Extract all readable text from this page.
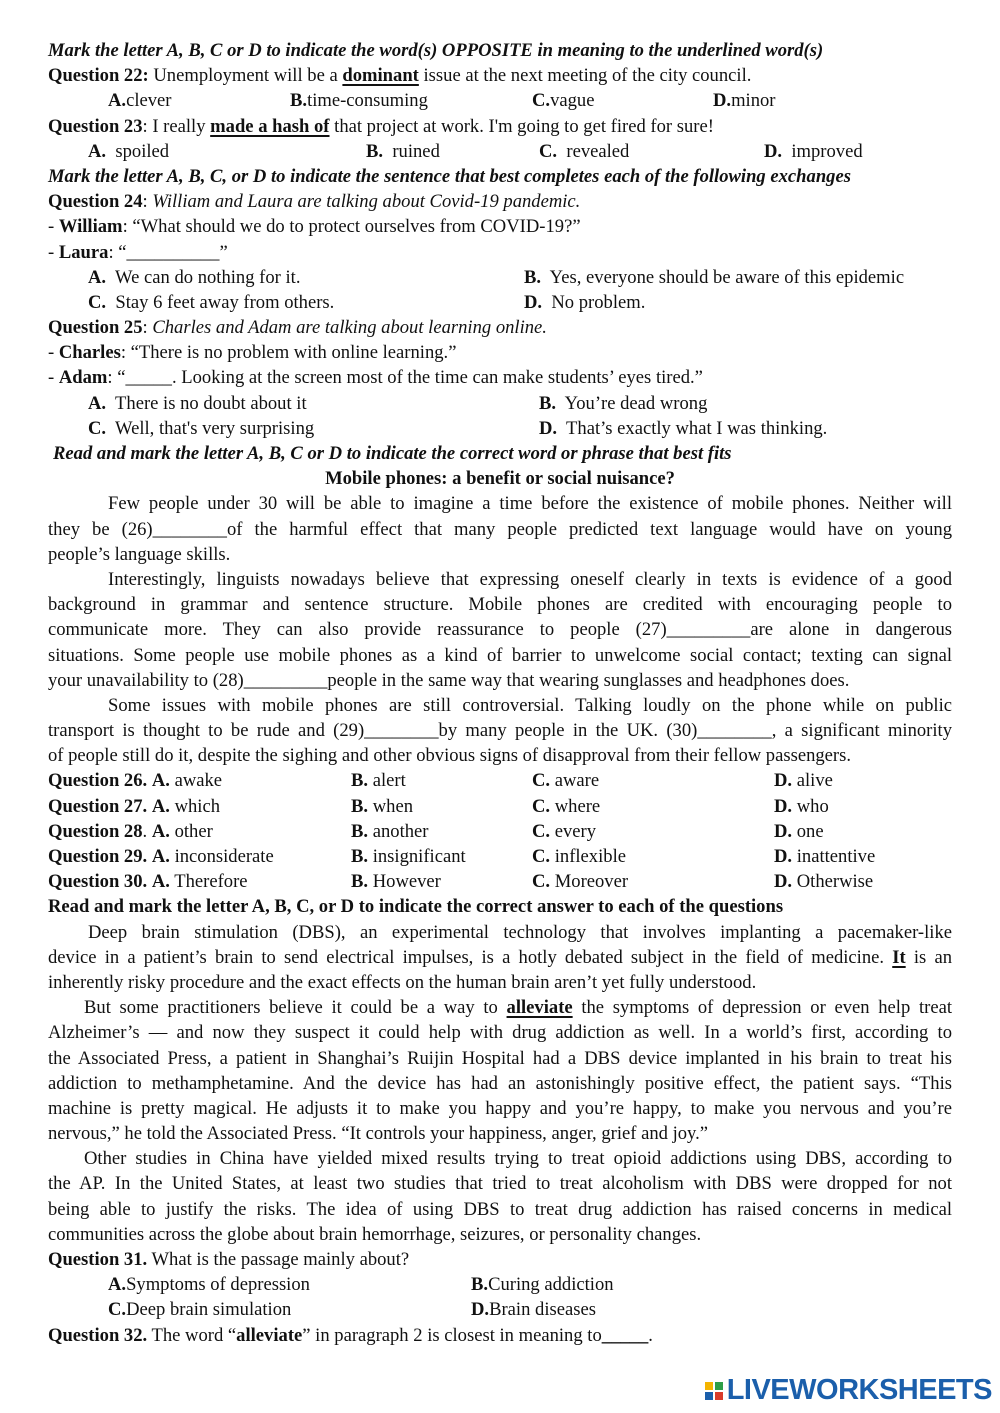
Mark the letter A, B, C or D to indicate the word(s) OPPOSITE in meaning to the underlined word(s)
Question 22: Unemployment will be a dominant issue at the next meeting of the city council.
A.clever	B.time-consuming	C.vague	D.minor
Question 23: I really made a hash of that project at work. I'm going to get fired for sure!
A.  spoiled	B.  ruined	C.  revealed	D.  improved
Mark the letter A, B, C, or D to indicate the sentence that best completes each of the following exchanges
Question 24: William and Laura are talking about Covid-19 pandemic.
- William: “What should we do to protect ourselves from COVID-19?”
- Laura: “__________”
A.  We can do nothing for it.	B.  Yes, everyone should be aware of this epidemic
C.  Stay 6 feet away from others.	D.  No problem.
Question 25: Charles and Adam are talking about learning online.
- Charles: “There is no problem with online learning.”
- Adam: “_____. Looking at the screen most of the time can make students’ eyes tired.”
A.  There is no doubt about it	B.  You’re dead wrong
C.  Well, that's very surprising	D.  That’s exactly what I was thinking.
Read and mark the letter A, B, C or D to indicate the correct word or phrase that best fits
Mobile phones: a benefit or social nuisance?
Few people under 30 will be able to imagine a time before the existence of mobile phones. Neither will
they be (26)________of the harmful effect that many people predicted text language would have on young
people’s language skills.
Interestingly, linguists nowadays believe that expressing oneself clearly in texts is evidence of a good
background in grammar and sentence structure. Mobile phones are credited with encouraging people to
communicate more. They can also provide reassurance to people (27)_________are alone in dangerous
situations. Some people use mobile phones as a kind of barrier to unwelcome social contact; texting can signal
your unavailability to (28)_________people in the same way that wearing sunglasses and headphones does.
Some issues with mobile phones are still controversial. Talking loudly on the phone while on public
transport is thought to be rude and (29)________by many people in the UK. (30)________, a significant minority
of people still do it, despite the sighing and other obvious signs of disapproval from their fellow passengers.
Question 26. A. awake	B. alert	C. aware	D. alive
Question 27. A. which	B. when	C. where	D. who
Question 28. A. other	B. another	C. every	D. one
Question 29. A. inconsiderate	B. insignificant	C. inflexible	D. inattentive
Question 30. A. Therefore	B. However	C. Moreover	D. Otherwise
Read and mark the letter A, B, C, or D to indicate the correct answer to each of the questions
Deep brain stimulation (DBS), an experimental technology that involves implanting a pacemaker-like
device in a patient’s brain to send electrical impulses, is a hotly debated subject in the field of medicine. It is an
inherently risky procedure and the exact effects on the human brain aren’t yet fully understood.
But some practitioners believe it could be a way to alleviate the symptoms of depression or even help treat
Alzheimer’s — and now they suspect it could help with drug addiction as well. In a world’s first, according to
the Associated Press, a patient in Shanghai’s Ruijin Hospital had a DBS device implanted in his brain to treat his
addiction to methamphetamine. And the device has had an astonishingly positive effect, the patient says. “This
machine is pretty magical. He adjusts it to make you happy and you’re happy, to make you nervous and you’re
nervous,” he told the Associated Press. “It controls your happiness, anger, grief and joy.”
Other studies in China have yielded mixed results trying to treat opioid addictions using DBS, according to
the AP. In the United States, at least two studies that tried to treat alcoholism with DBS were dropped for not
being able to justify the risks. The idea of using DBS to treat drug addiction has raised concerns in medical
communities across the globe about brain hemorrhage, seizures, or personality changes.
Question 31. What is the passage mainly about?
A.Symptoms of depression	B.Curing addiction
C.Deep brain simulation	D.Brain diseases
Question 32. The word “alleviate” in paragraph 2 is closest in meaning to_____.
LIVEWORKSHEETS
